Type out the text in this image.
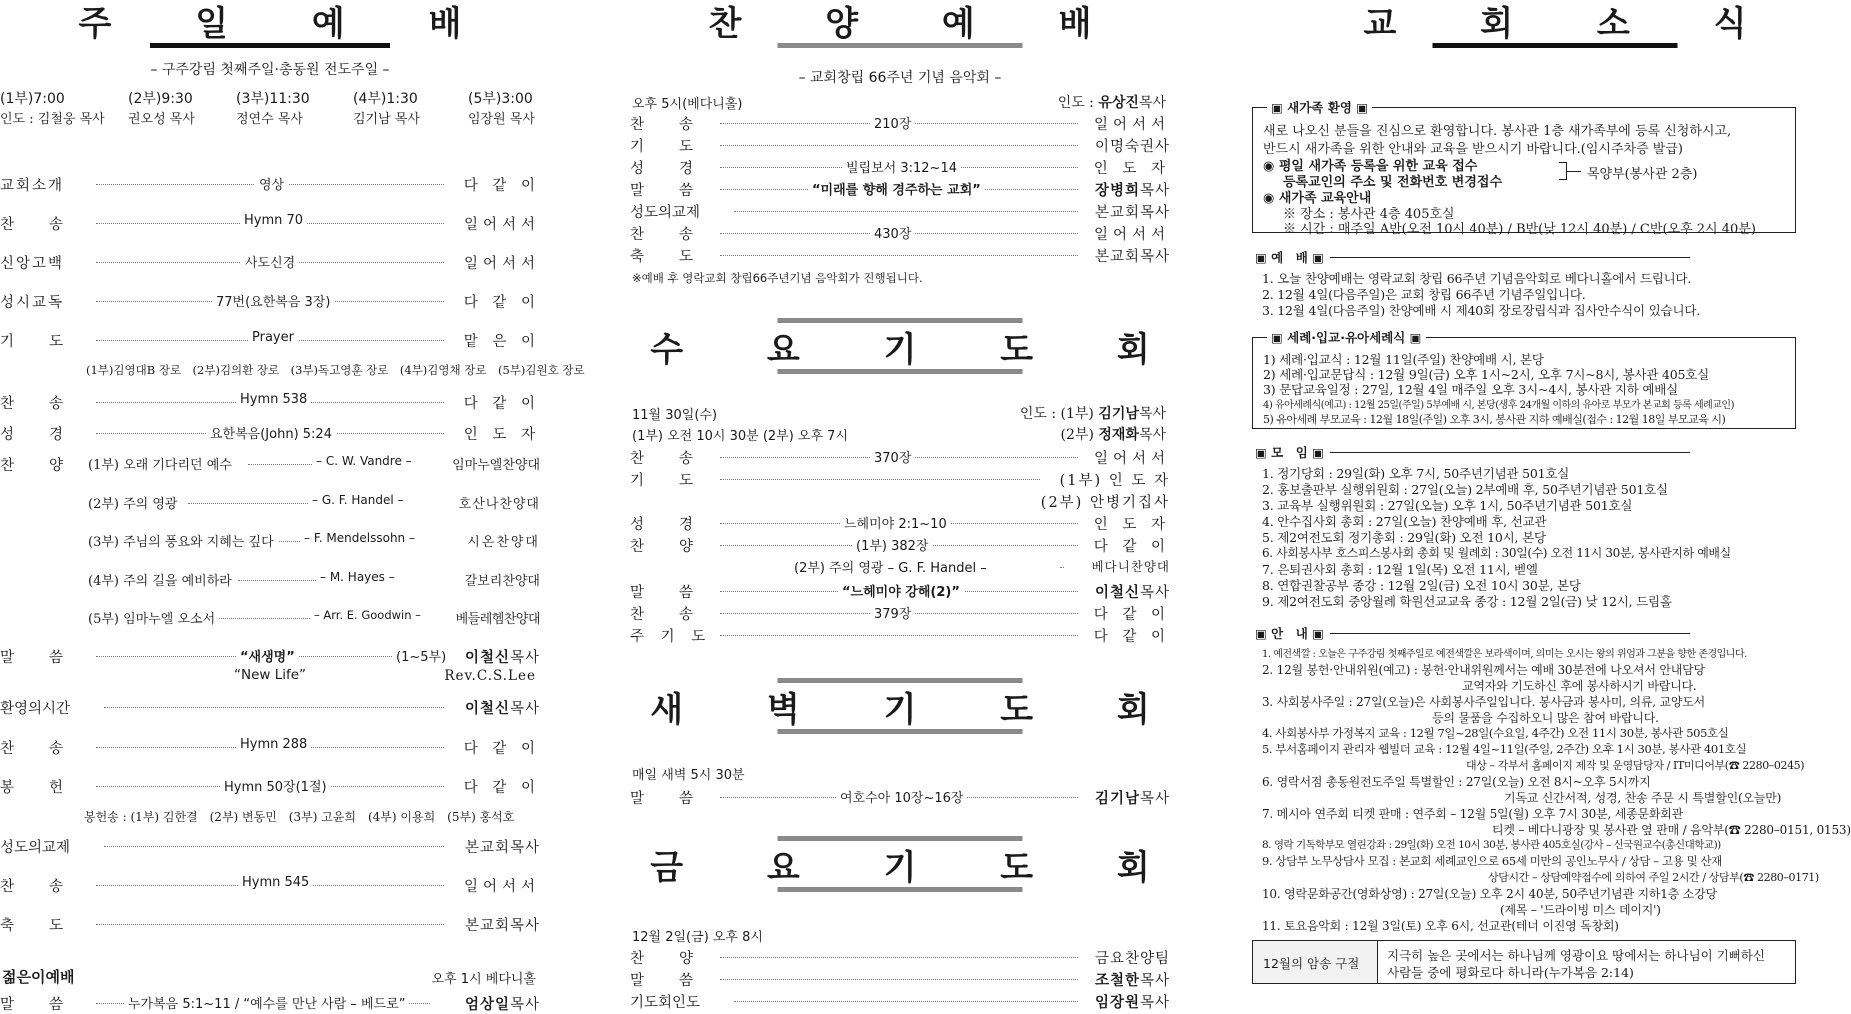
주 일 예 배
– 구주강림 첫째주일·총동원 전도주일 –
(1부)7:00	(2부)9:30	(3부)11:30	(4부)1:30	(5부)3:00
인도 : 김철웅 목사 권오성 목사	정연수 목사	김기남 목사	임장원 목사
교회소개	영상	다 같 이
찬　　송	Hymn 70	일어서서
신앙고백	사도신경	일어서서
성시교독	77번(요한복음 3장)	다 같 이
기　　도	Prayer	맡 은 이
(1부)김영대B 장로　(2부)김의환 장로　(3부)독고영훈 장로　(4부)김영채 장로　(5부)김원호 장로
찬　　송	Hymn 538	다 같 이
성　　경	요한복음(John) 5:24	인 도 자
찬　　양	(1부) 오래 기다리던 예수	– C. W. Vandre –	임마누엘찬양대
(2부) 주의 영광	– G. F. Handel –	호산나찬양대
(3부) 주님의 풍요와 지혜는 깊다	– F. Mendelssohn –	시온찬양대
(4부) 주의 길을 예비하라	– M. Hayes –	갈보리찬양대
(5부) 임마누엘 오소서	– Arr. E. Goodwin –	베들레헴찬양대
말　　씀	“새생명”	(1~5부) 이철신목사
“New Life”	Rev.C.S.Lee
환영의시간	이철신목사
찬　　송	Hymn 288	다 같 이
봉　　헌	Hymn 50장(1절)	다 같 이
봉헌송 : (1부) 김한결　(2부) 변동민　(3부) 고윤희　(4부) 이용희　(5부) 홍석호
성도의교제	본교회목사
찬　　송	Hymn 545	일어서서
축　　도	본교회목사
젊은이예배	오후 1시 베다니홀
말　　씀	누가복음 5:1~11 / “예수를 만난 사람 – 베드로”	엄상일목사
찬 양 예 배
– 교회창립 66주년 기념 음악회 –
오후 5시(베다니홀)	인도 : 유상진목사
찬　　송	210장	일어서서
기　　도	이명숙권사
성　　경	빌립보서 3:12~14	인 도 자
말　　씀	“미래를 향해 경주하는 교회”	장병희목사
성도의교제	본교회목사
찬　　송	430장	일어서서
축　　도	본교회목사
※예배 후 영락교회 창립66주년기념 음악회가 진행됩니다.
수 요 기 도 회
11월 30일(수)	인도 : (1부) 김기남목사
(1부) 오전 10시 30분 (2부) 오후 7시	(2부) 정재화목사
찬　　송	370장	일어서서
기　　도	(1부) 인 도 자
(2부) 안병기집사
성　　경	느헤미야 2:1~10	인 도 자
찬　　양	(1부) 382장	다 같 이
(2부) 주의 영광 – G. F. Handel –	베다니찬양대
말　　씀	“느헤미야 강해(2)”	이철신목사
찬　　송	379장	다 같 이
주 기 도	다 같 이
새 벽 기 도 회
매일 새벽 5시 30분
말　　씀	여호수아 10장~16장	김기남목사
금 요 기 도 회
12월 2일(금) 오후 8시
찬　　양	금요찬양팀
말　　씀	조철한목사
기도회인도	임장원목사
교 회 소 식
▣ 새가족 환영 ▣
새로 나오신 분들을 진심으로 환영합니다. 봉사관 1층 새가족부에 등록 신청하시고,
반드시 새가족을 위한 안내와 교육을 받으시기 바랍니다.(임시주차증 발급)
◉ 평일 새가족 등록을 위한 교육 접수
등록교인의 주소 및 전화번호 변경접수
목양부(봉사관 2층)
◉ 새가족 교육안내
※ 장소 : 봉사관 4층 405호실
※ 시간 : 매주일 A반(오전 10시 40분) / B반(낮 12시 40분) / C반(오후 2시 40분)
▣ 예　배 ▣
1. 오늘 찬양예배는 영락교회 창립 66주년 기념음악회로 베다니홀에서 드립니다.
2. 12월 4일(다음주일)은 교회 창립 66주년 기념주일입니다.
3. 12월 4일(다음주일) 찬양예배 시 제40회 장로장립식과 집사안수식이 있습니다.
▣ 세례·입교·유아세례식 ▣
1) 세례·입교식 : 12월 11일(주일) 찬양예배 시, 본당
2) 세례·입교문답식 : 12월 9일(금) 오후 1시~2시, 오후 7시~8시, 봉사관 405호실
3) 문답교육일정 : 27일, 12월 4일 매주일 오후 3시~4시, 봉사관 지하 예배실
4) 유아세례식(예고) : 12월 25일(주일) 5부예배 시, 본당(생후 24개월 이하의 유아로 부모가 본교회 등록 세례교인)
5) 유아세례 부모교육 : 12월 18일(주일) 오후 3시, 봉사관 지하 예배실(접수 : 12월 18일 부모교육 시)
▣ 모　임 ▣
1. 정기당회 : 29일(화) 오후 7시, 50주년기념관 501호실
2. 홍보출판부 실행위원회 : 27일(오늘) 2부예배 후, 50주년기념관 501호실
3. 교육부 실행위원회 : 27일(오늘) 오후 1시, 50주년기념관 501호실
4. 안수집사회 총회 : 27일(오늘) 찬양예배 후, 선교관
5. 제2여전도회 정기총회 : 29일(화) 오전 10시, 본당
6. 사회봉사부 호스피스봉사회 총회 및 월례회 : 30일(수) 오전 11시 30분, 봉사관지하 예배실
7. 은퇴권사회 총회 : 12월 1일(목) 오전 11시, 벧엘
8. 연합권찰공부 종강 : 12월 2일(금) 오전 10시 30분, 본당
9. 제2여전도회 중앙월례 학원선교교육 종강 : 12월 2일(금) 낮 12시, 드림홀
▣ 안　내 ▣
1. 예전색깔 : 오늘은 구주강림 첫째주일로 예전색깔은 보라색이며, 의미는 오시는 왕의 위엄과 그분을 향한 존경입니다.
2. 12월 봉헌·안내위원(예고) : 봉헌·안내위원께서는 예배 30분전에 나오셔서 안내담당
교역자와 기도하신 후에 봉사하시기 바랍니다.
3. 사회봉사주일 : 27일(오늘)은 사회봉사주일입니다. 봉사금과 봉사미, 의류, 교양도서
등의 물품을 수집하오니 많은 참여 바랍니다.
4. 사회봉사부 가정복지 교육 : 12월 7일~28일(수요일, 4주간) 오전 11시 30분, 봉사관 505호실
5. 부서홈페이지 관리자 웹빌더 교육 : 12월 4일~11일(주일, 2주간) 오후 1시 30분, 봉사관 401호실
대상 – 각부서 홈페이지 제작 및 운영담당자 / IT미디어부(☎ 2280–0245)
6. 영락서점 총동원전도주일 특별할인 : 27일(오늘) 오전 8시~오후 5시까지
기독교 신간서적, 성경, 찬송 주문 시 특별할인(오늘만)
7. 메시아 연주회 티켓 판매 : 연주회 – 12월 5일(월) 오후 7시 30분, 세종문화회관
티켓 – 베다니광장 및 봉사관 옆 판매 / 음악부(☎ 2280–0151, 0153)
8. 영락 기독학부모 열린강좌 : 29일(화) 오전 10시 30분, 봉사관 405호실(강사 – 신국원교수(총신대학교))
9. 상담부 노무상담사 모집 : 본교회 세례교인으로 65세 미만의 공인노무사 / 상담 – 고용 및 산재
상담시간 – 상담예약접수에 의하여 주일 2시간 / 상담부(☎ 2280–0171)
10. 영락문화공간(영화상영) : 27일(오늘) 오후 2시 40분, 50주년기념관 지하1층 소강당
(제목 – '드라이빙 미스 데이지')
11. 토요음악회 : 12월 3일(토) 오후 6시, 선교관(테너 이진영 독창회)
12월의 암송 구절
지극히 높은 곳에서는 하나님께 영광이요 땅에서는 하나님이 기뻐하신
사람들 중에 평화로다 하니라(누가복음 2:14)
